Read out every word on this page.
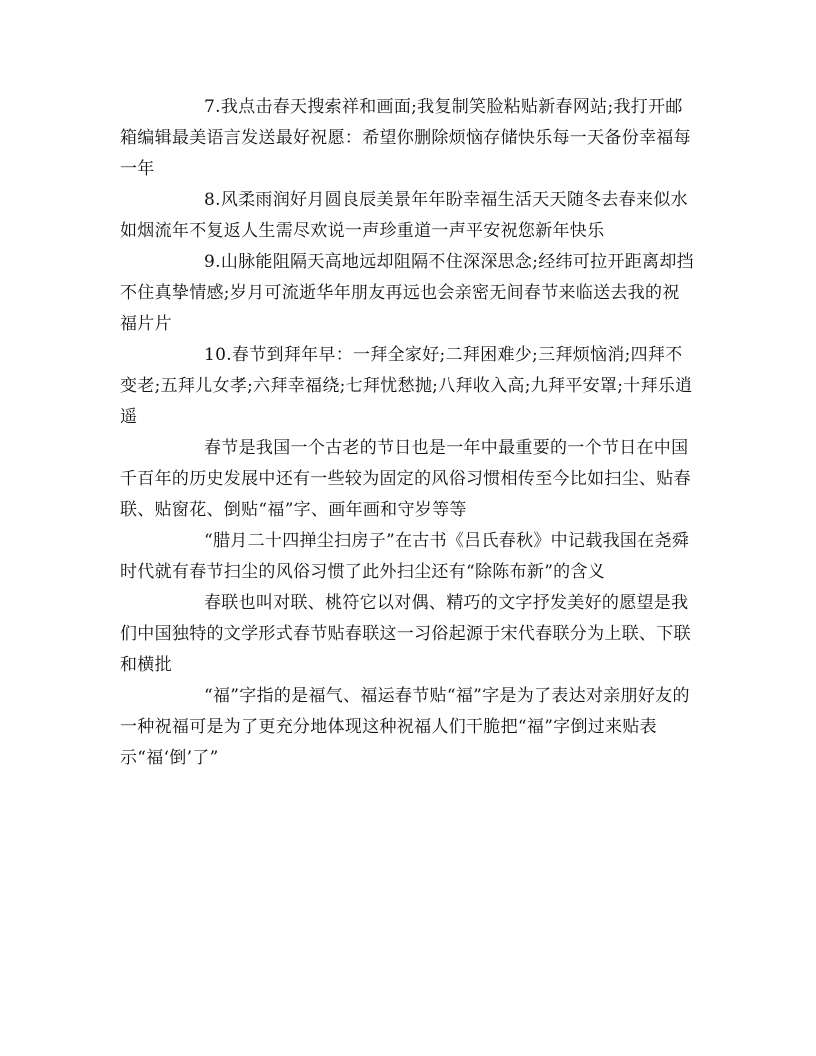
7.我点击春天搜索祥和画面;我复制笑脸粘贴新春网站;我打开邮箱编辑最美语言发送最好祝愿：希望你删除烦恼存储快乐每一天备份幸福每一年

8.风柔雨润好月圆良辰美景年年盼幸福生活天天随冬去春来似水如烟流年不复返人生需尽欢说一声珍重道一声平安祝您新年快乐

9.山脉能阻隔天高地远却阻隔不住深深思念;经纬可拉开距离却挡不住真挚情感;岁月可流逝华年朋友再远也会亲密无间春节来临送去我的祝福片片

10.春节到拜年早：一拜全家好;二拜困难少;三拜烦恼消;四拜不变老;五拜儿女孝;六拜幸福绕;七拜忧愁抛;八拜收入高;九拜平安罩;十拜乐逍遥

春节是我国一个古老的节日也是一年中最重要的一个节日在中国千百年的历史发展中还有一些较为固定的风俗习惯相传至今比如扫尘、贴春联、贴窗花、倒贴“福”字、画年画和守岁等等

“腊月二十四掸尘扫房子”在古书《吕氏春秋》中记载我国在尧舜时代就有春节扫尘的风俗习惯了此外扫尘还有“除陈布新”的含义

春联也叫对联、桃符它以对偶、精巧的文字抒发美好的愿望是我们中国独特的文学形式春节贴春联这一习俗起源于宋代春联分为上联、下联和横批

“福”字指的是福气、福运春节贴“福”字是为了表达对亲朋好友的一种祝福可是为了更充分地体现这种祝福人们干脆把“福”字倒过来贴表示“福‘倒’了”
